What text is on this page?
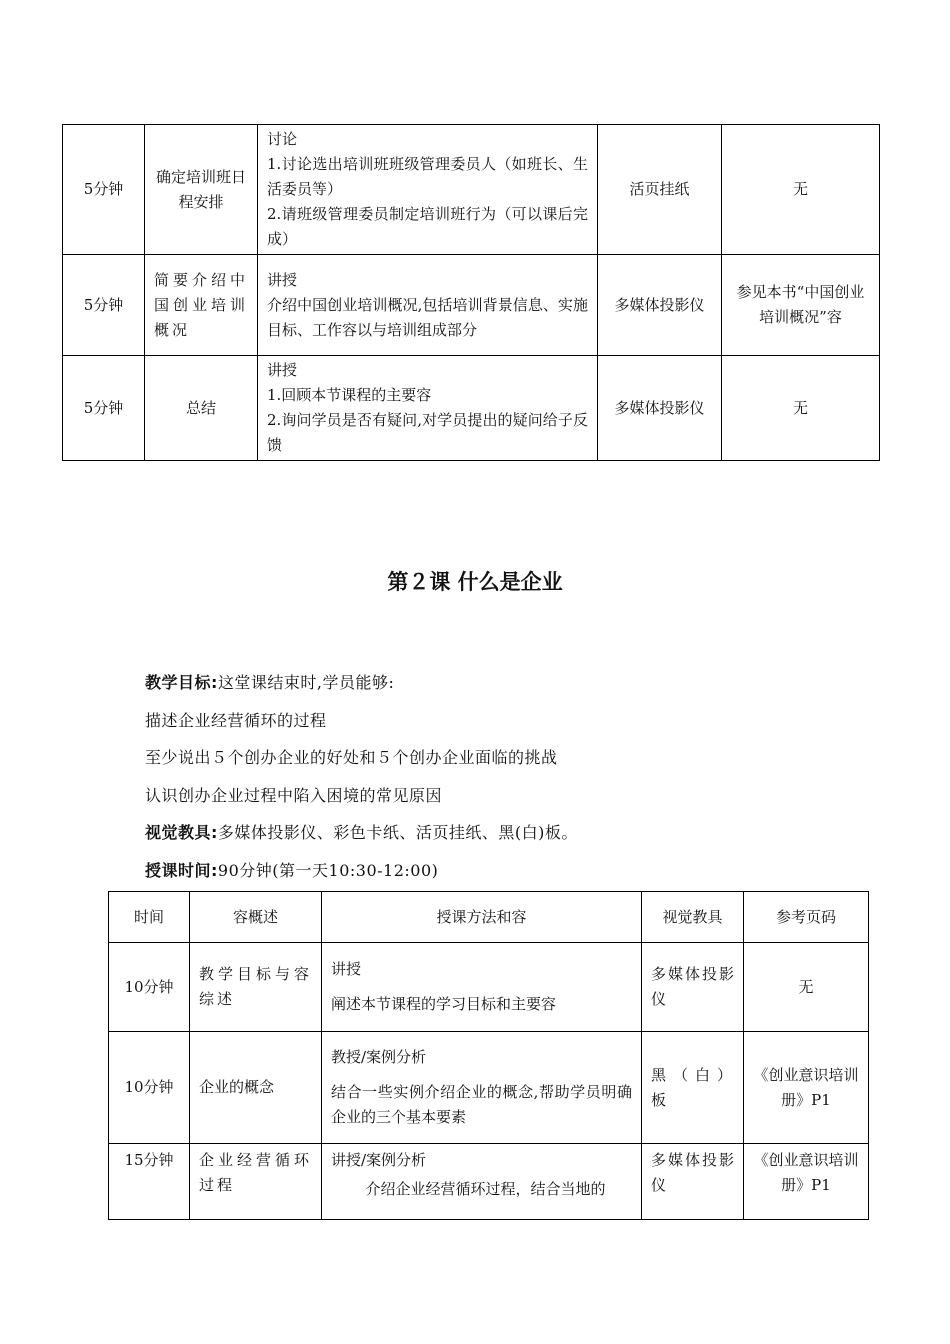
5分钟	确定培训班日程安排	讨论
1.讨论选出培训班班级管理委员人（如班长、生活委员等）
2.请班级管理委员制定培训班行为（可以课后完成）	活页挂纸	无
5分钟	简要介绍中国创业培训概况	讲授
介绍中国创业培训概况,包括培训背景信息、实施目标、工作容以与培训组成部分	多媒体投影仪	参见本书“中国创业培训概况”容
5分钟	总结	讲授
1.回顾本节课程的主要容
2.询问学员是否有疑问,对学员提出的疑问给子反馈	多媒体投影仪	无
第２课 什么是企业
教学目标:这堂课结束时,学员能够:
描述企业经营循环的过程
至少说出５个创办企业的好处和５个创办企业面临的挑战
认识创办企业过程中陷入困境的常见原因
视觉教具:多媒体投影仪、彩色卡纸、活页挂纸、黑(白)板。
授课时间:90分钟(第一天10:30-12:00)
时间	容概述	授课方法和容	视觉教具	参考页码
10分钟	教学目标与容综述	讲授
阐述本节课程的学习目标和主要容	多媒体投影仪	无
10分钟	企业的概念	教授/案例分析
结合一些实例介绍企业的概念,帮助学员明确企业的三个基本要素	黑（白）板	《创业意识培训册》P1
15分钟	企业经营循环过程	讲授/案例分析
介绍企业经营循环过程，结合当地的	多媒体投影仪	《创业意识培训册》P1
